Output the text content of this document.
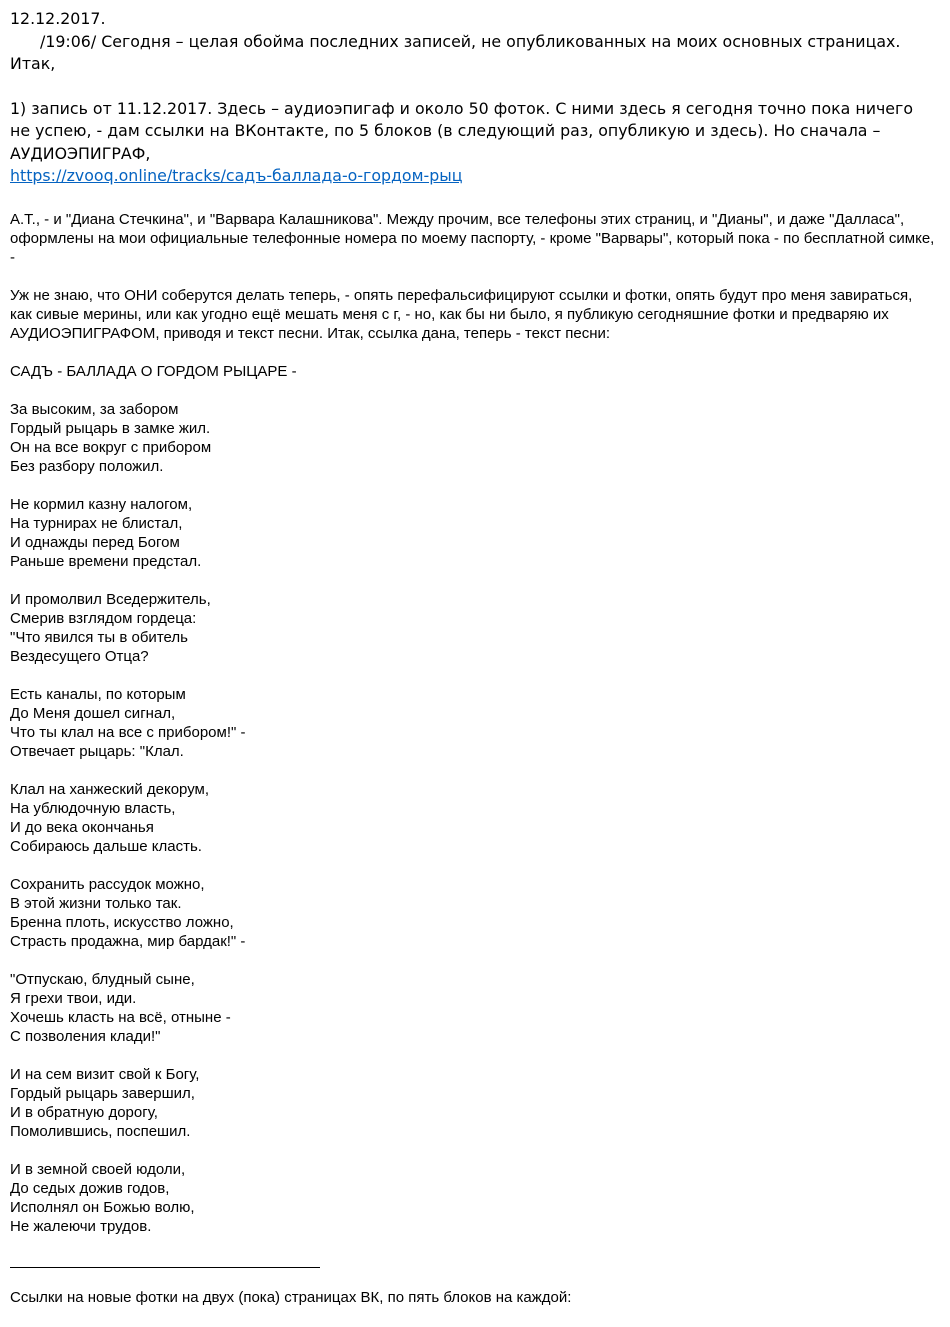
12.12.2017.
/19:06/ Сегодня – целая обойма последних записей, не опубликованных на моих основных страницах.
Итак,
1) запись от 11.12.2017. Здесь – аудиоэпигаф и около 50 фоток. С ними здесь я сегодня точно пока ничего не успею, - дам ссылки на ВКонтакте, по 5 блоков (в следующий раз, опубликую и здесь). Но сначала – АУДИОЭПИГРАФ,
https://zvooq.online/tracks/садъ-баллада-о-гордом-рыц
А.Т., - и "Диана Стечкина", и "Варвара Калашникова". Между прочим, все телефоны этих страниц, и "Дианы", и даже "Далласа", оформлены на мои официальные телефонные номера по моему паспорту, - кроме "Варвары", который пока - по бесплатной симке, -
Уж не знаю, что ОНИ соберутся делать теперь, - опять перефальсифицируют ссылки и фотки, опять будут про меня завираться, как сивые мерины, или как угодно ещё мешать меня с г, - но, как бы ни было, я публикую сегодняшние фотки и предваряю их АУДИОЭПИГРАФОМ, приводя и текст песни. Итак, ссылка дана, теперь - текст песни:
САДЪ - БАЛЛАДА О ГОРДОМ РЫЦАРЕ -
За высоким, за забором
Гордый рыцарь в замке жил.
Он на все вокруг с прибором
Без разбору положил.
Не кормил казну налогом,
На турнирах не блистал,
И однажды перед Богом
Раньше времени предстал.
И промолвил Вседержитель,
Смерив взглядом гордеца:
"Что явился ты в обитель
Вездесущего Отца?
Есть каналы, по которым
До Меня дошел сигнал,
Что ты клал на все с прибором!" -
Отвечает рыцарь: "Клал.
Клал на ханжеский декорум,
На ублюдочную власть,
И до века окончанья
Собираюсь дальше класть.
Сохранить рассудок можно,
В этой жизни только так.
Бренна плоть, искусство ложно,
Страсть продажна, мир бардак!" -
"Отпускаю, блудный сыне,
Я грехи твои, иди.
Хочешь класть на всё, отныне -
С позволения клади!"
И на сем визит свой к Богу,
Гордый рыцарь завершил,
И в обратную дорогу,
Помолившись, поспешил.
И в земной своей юдоли,
До седых дожив годов,
Исполнял он Божью волю,
Не жалеючи трудов.
Ссылки на новые фотки на двух (пока) страницах ВК, по пять блоков на каждой:
